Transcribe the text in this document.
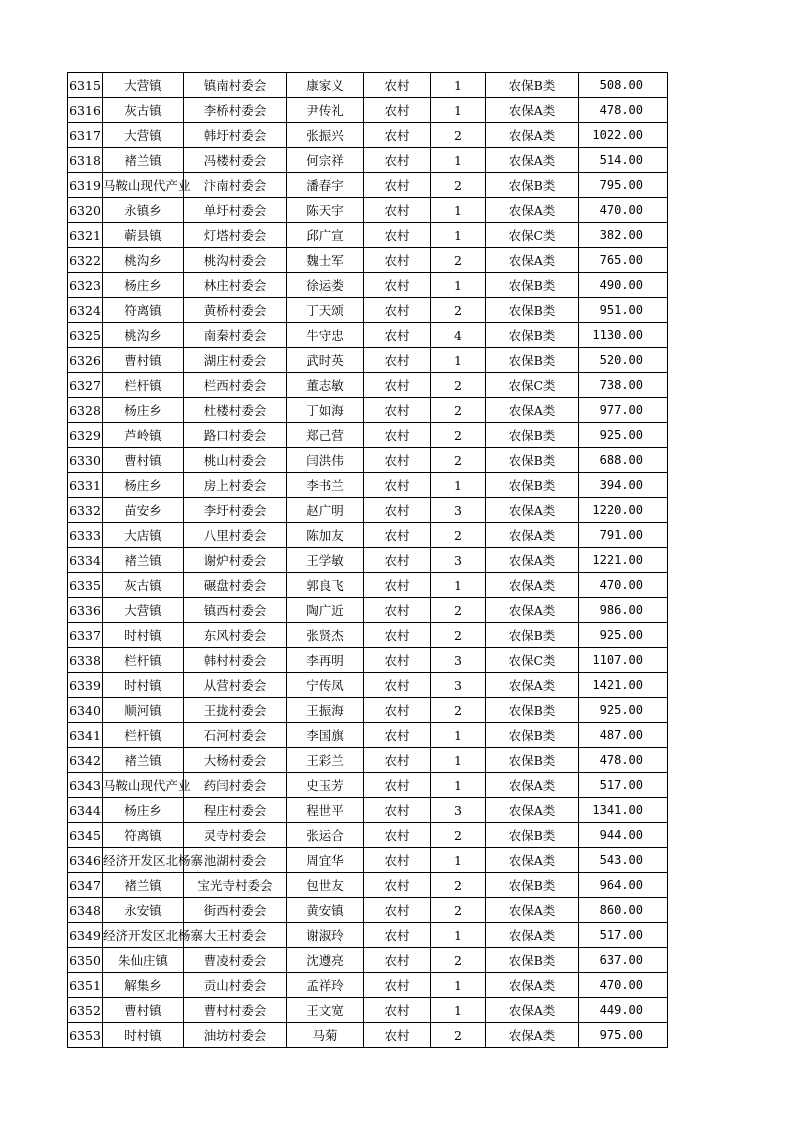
6315	大营镇	镇南村委会	康家义	农村	1	农保B类	508.00
6316	灰古镇	李桥村委会	尹传礼	农村	1	农保A类	478.00
6317	大营镇	韩圩村委会	张振兴	农村	2	农保A类	1022.00
6318	褚兰镇	冯楼村委会	何宗祥	农村	1	农保A类	514.00
6319	马鞍山现代产业	汴南村委会	潘春宇	农村	2	农保B类	795.00
6320	永镇乡	单圩村委会	陈天宇	农村	1	农保A类	470.00
6321	蕲县镇	灯塔村委会	邱广宣	农村	1	农保C类	382.00
6322	桃沟乡	桃沟村委会	魏士军	农村	2	农保A类	765.00
6323	杨庄乡	林庄村委会	徐运娄	农村	1	农保B类	490.00
6324	符离镇	黄桥村委会	丁天颂	农村	2	农保B类	951.00
6325	桃沟乡	南秦村委会	牛守忠	农村	4	农保B类	1130.00
6326	曹村镇	湖庄村委会	武时英	农村	1	农保B类	520.00
6327	栏杆镇	栏西村委会	董志敏	农村	2	农保C类	738.00
6328	杨庄乡	杜楼村委会	丁如海	农村	2	农保A类	977.00
6329	芦岭镇	路口村委会	郑己营	农村	2	农保B类	925.00
6330	曹村镇	桃山村委会	闫洪伟	农村	2	农保B类	688.00
6331	杨庄乡	房上村委会	李书兰	农村	1	农保B类	394.00
6332	苗安乡	李圩村委会	赵广明	农村	3	农保A类	1220.00
6333	大店镇	八里村委会	陈加友	农村	2	农保A类	791.00
6334	褚兰镇	谢炉村委会	王学敏	农村	3	农保A类	1221.00
6335	灰古镇	碾盘村委会	郭良飞	农村	1	农保A类	470.00
6336	大营镇	镇西村委会	陶广近	农村	2	农保A类	986.00
6337	时村镇	东风村委会	张贤杰	农村	2	农保B类	925.00
6338	栏杆镇	韩村村委会	李再明	农村	3	农保C类	1107.00
6339	时村镇	从营村委会	宁传凤	农村	3	农保A类	1421.00
6340	顺河镇	王拢村委会	王振海	农村	2	农保B类	925.00
6341	栏杆镇	石河村委会	李国旗	农村	1	农保B类	487.00
6342	褚兰镇	大杨村委会	王彩兰	农村	1	农保B类	478.00
6343	马鞍山现代产业	药闫村委会	史玉芳	农村	1	农保A类	517.00
6344	杨庄乡	程庄村委会	程世平	农村	3	农保A类	1341.00
6345	符离镇	灵寺村委会	张运合	农村	2	农保B类	944.00
6346	经济开发区北杨寨	池湖村委会	周宜华	农村	1	农保A类	543.00
6347	褚兰镇	宝光寺村委会	包世友	农村	2	农保B类	964.00
6348	永安镇	街西村委会	黄安镇	农村	2	农保A类	860.00
6349	经济开发区北杨寨	大王村委会	谢淑玲	农村	1	农保A类	517.00
6350	朱仙庄镇	曹凌村委会	沈遵亮	农村	2	农保B类	637.00
6351	解集乡	贡山村委会	孟祥玲	农村	1	农保A类	470.00
6352	曹村镇	曹村村委会	王文宽	农村	1	农保A类	449.00
6353	时村镇	油坊村委会	马菊	农村	2	农保A类	975.00
